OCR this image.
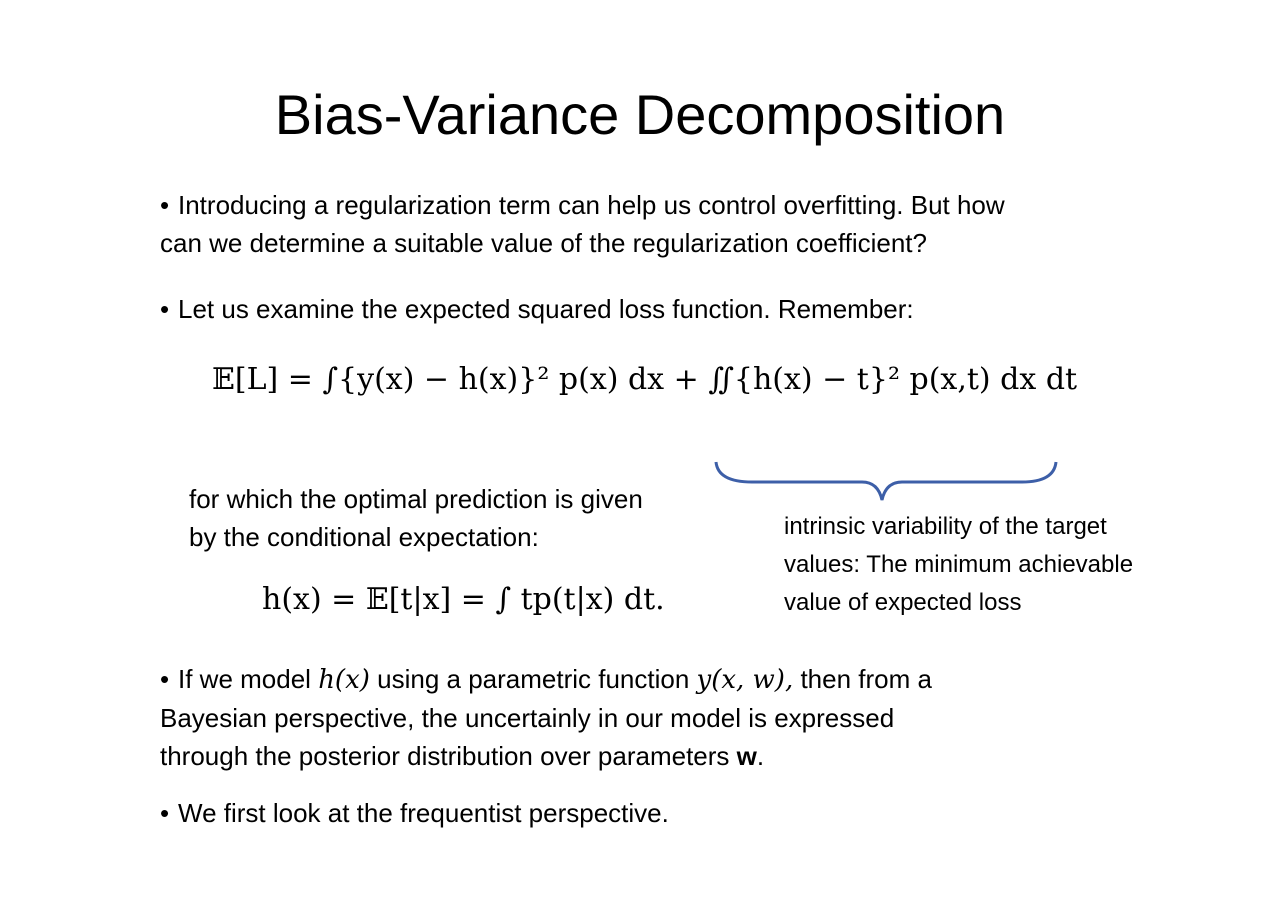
Bias-Variance Decomposition
• Introducing a regularization term can help us control overfitting. But how
can we determine a suitable value of the regularization coefficient?
• Let us examine the expected squared loss function. Remember:
𝔼[L] = ∫{y(x) − h(x)}² p(x) dx + ∬{h(x) − t}² p(x,t) dx dt
for which the optimal prediction is given
by the conditional expectation:
h(x) = 𝔼[t|x] = ∫ tp(t|x) dt.
intrinsic variability of the target
values: The minimum achievable
value of expected loss
• If we model h(x) using a parametric function y(x, w), then from a
Bayesian perspective, the uncertainly in our model is expressed
through the posterior distribution over parameters w.
• We first look at the frequentist perspective.
